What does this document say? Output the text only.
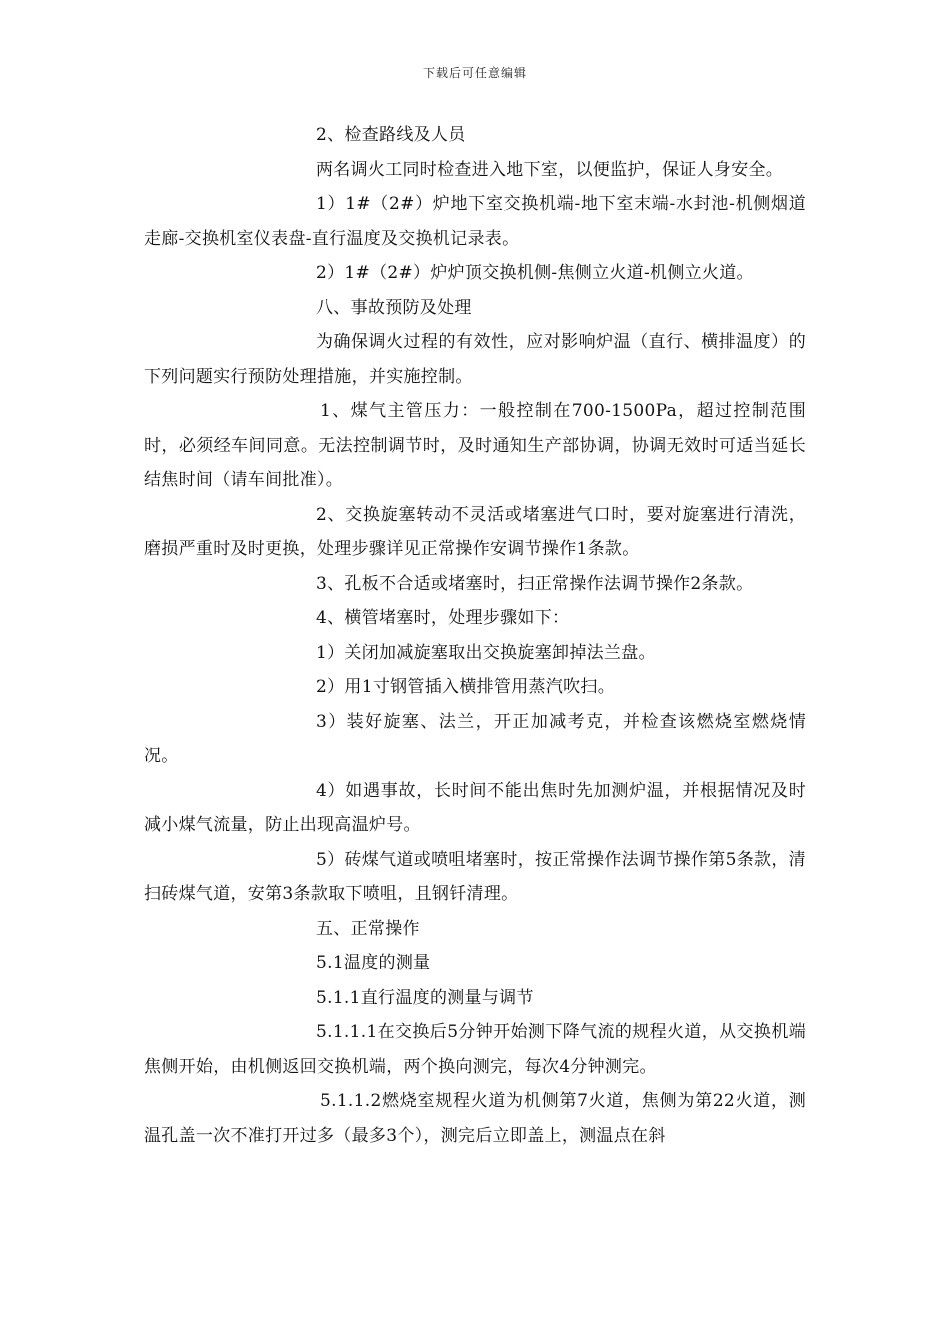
下载后可任意编辑

2、检查路线及人员

两名调火工同时检查进入地下室，以便监护，保证人身安全。

1）1#（2#）炉地下室交换机端-地下室末端-水封池-机侧烟道走廊-交换机室仪表盘-直行温度及交换机记录表。

2）1#（2#）炉炉顶交换机侧-焦侧立火道-机侧立火道。

八、事故预防及处理

为确保调火过程的有效性，应对影响炉温（直行、横排温度）的下列问题实行预防处理措施，并实施控制。

1、煤气主管压力：一般控制在700-1500Pa，超过控制范围时，必须经车间同意。无法控制调节时，及时通知生产部协调，协调无效时可适当延长结焦时间（请车间批准）。

2、交换旋塞转动不灵活或堵塞进气口时，要对旋塞进行清洗，磨损严重时及时更换，处理步骤详见正常操作安调节操作1条款。

3、孔板不合适或堵塞时，扫正常操作法调节操作2条款。

4、横管堵塞时，处理步骤如下：

1）关闭加减旋塞取出交换旋塞卸掉法兰盘。

2）用1寸钢管插入横排管用蒸汽吹扫。

3）装好旋塞、法兰，开正加减考克，并检查该燃烧室燃烧情况。

4）如遇事故，长时间不能出焦时先加测炉温，并根据情况及时减小煤气流量，防止出现高温炉号。

5）砖煤气道或喷咀堵塞时，按正常操作法调节操作第5条款，清扫砖煤气道，安第3条款取下喷咀，且钢钎清理。

五、正常操作

5.1温度的测量

5.1.1直行温度的测量与调节

5.1.1.1在交换后5分钟开始测下降气流的规程火道，从交换机端焦侧开始，由机侧返回交换机端，两个换向测完，每次4分钟测完。

5.1.1.2燃烧室规程火道为机侧第7火道，焦侧为第22火道，测温孔盖一次不准打开过多（最多3个），测完后立即盖上，测温点在斜
